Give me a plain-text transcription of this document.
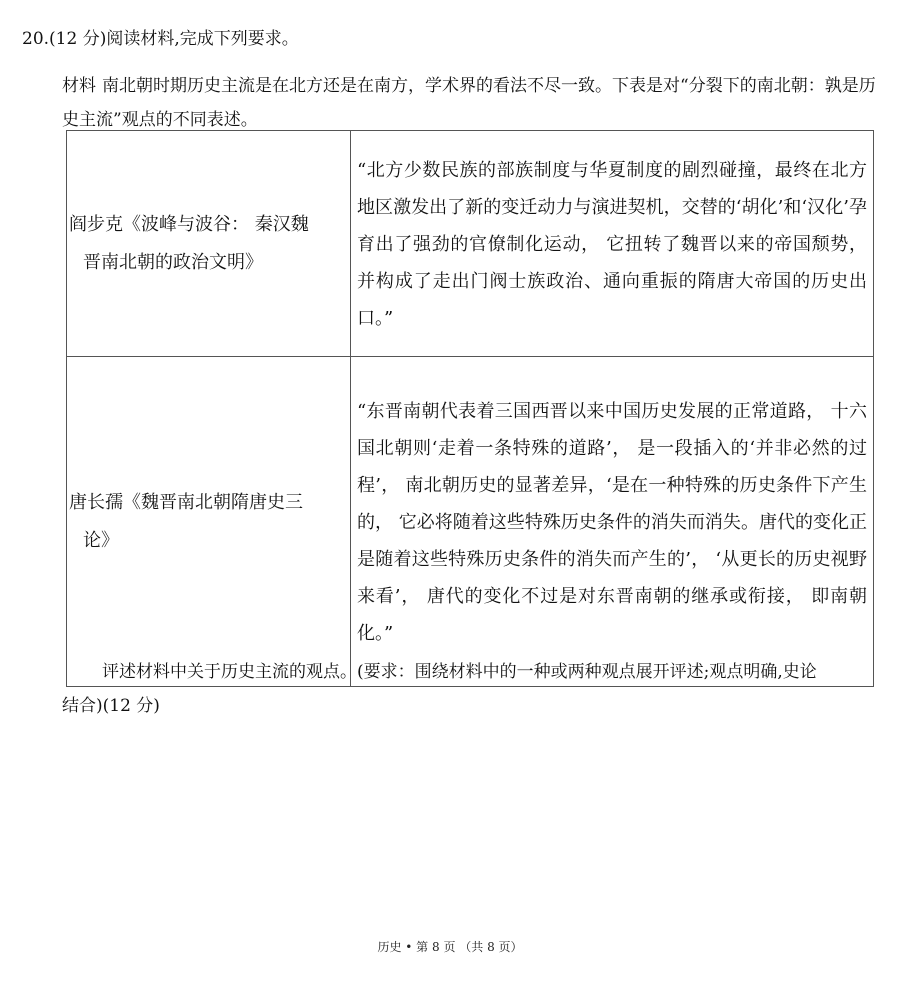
20.(12 分)阅读材料,完成下列要求。
材料 南北朝时期历史主流是在北方还是在南方，学术界的看法不尽一致。下表是对“分裂下的南北朝：孰是历史主流”观点的不同表述。
阎步克《波峰与波谷： 秦汉魏
晋南北朝的政治文明》	“北方少数民族的部族制度与华夏制度的剧烈碰撞，最终在北方地区激发出了新的变迁动力与演进契机，交替的‘胡化’和‘汉化’孕育出了强劲的官僚制化运动， 它扭转了魏晋以来的帝国颓势， 并构成了走出门阀士族政治、通向重振的隋唐大帝国的历史出口。”

唐长孺《魏晋南北朝隋唐史三
论》	“东晋南朝代表着三国西晋以来中国历史发展的正常道路， 十六国北朝则‘走着一条特殊的道路’， 是一段插入的‘并非必然的过程’， 南北朝历史的显著差异，‘是在一种特殊的历史条件下产生的， 它必将随着这些特殊历史条件的消失而消失。唐代的变化正是随着这些特殊历史条件的消失而产生的’， ‘从更长的历史视野来看’， 唐代的变化不过是对东晋南朝的继承或衔接， 即南朝化。”
评述材料中关于历史主流的观点。(要求：围绕材料中的一种或两种观点展开评述;观点明确,史论
结合)(12 分)
历史 • 第 8 页 （共 8 页）
